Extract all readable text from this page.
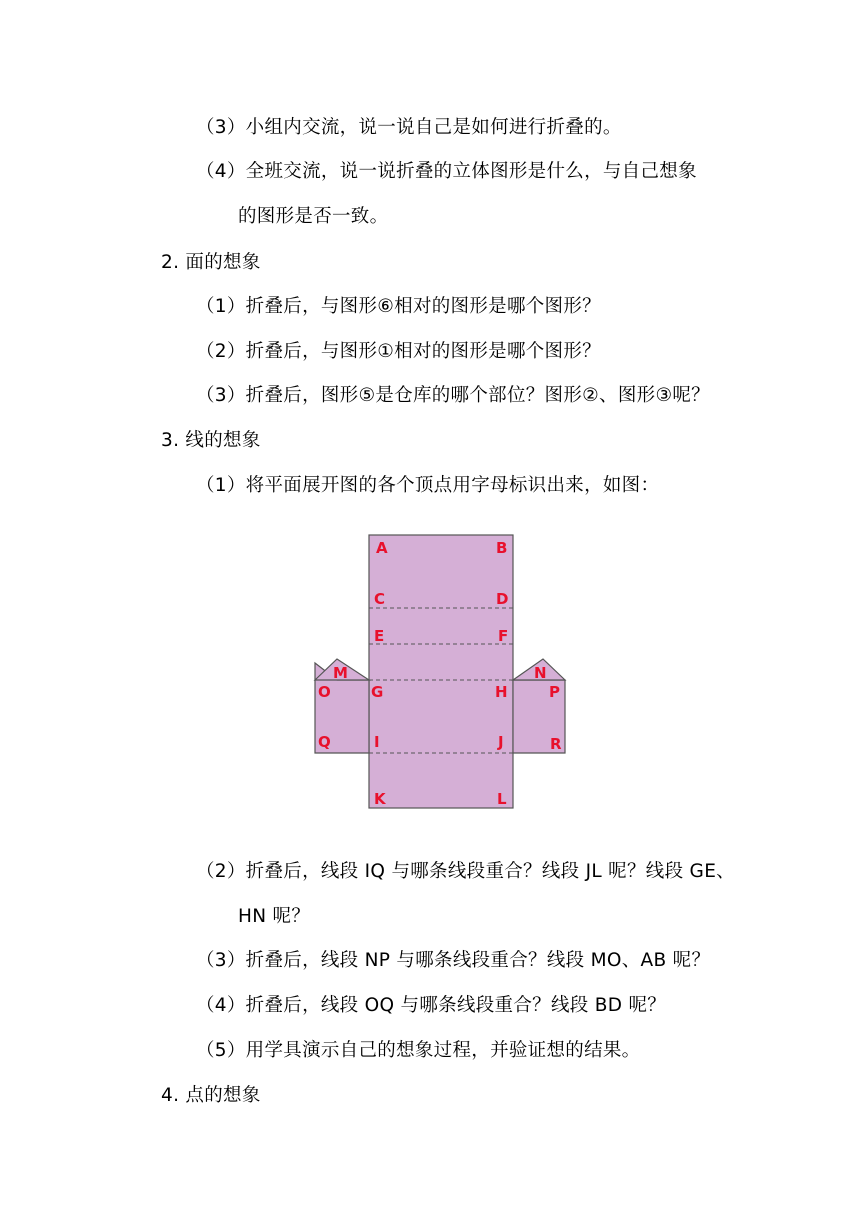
（3）小组内交流，说一说自己是如何进行折叠的。
（4）全班交流，说一说折叠的立体图形是什么，与自己想象
的图形是否一致。
2. 面的想象
（1）折叠后，与图形⑥相对的图形是哪个图形？
（2）折叠后，与图形①相对的图形是哪个图形？
（3）折叠后，图形⑤是仓库的哪个部位？图形②、图形③呢？
3. 线的想象
（1）将平面展开图的各个顶点用字母标识出来，如图：
A	B
C	D
E	F
M	N
O	G	H	P
Q	I	J	R
K	L
（2）折叠后，线段 IQ 与哪条线段重合？线段 JL 呢？线段 GE、
HN 呢？
（3）折叠后，线段 NP 与哪条线段重合？线段 MO、AB 呢？
（4）折叠后，线段 OQ 与哪条线段重合？线段 BD 呢？
（5）用学具演示自己的想象过程，并验证想的结果。
4. 点的想象
